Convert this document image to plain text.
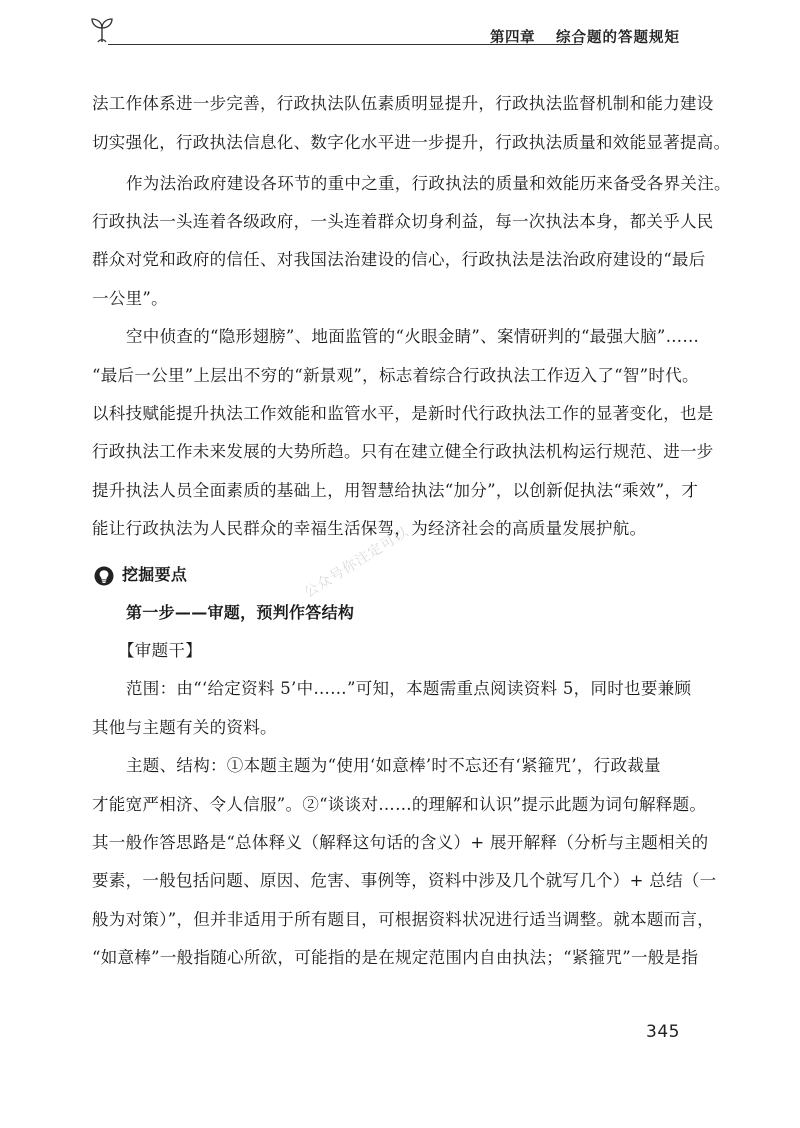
第四章 综合题的答题规矩
法工作体系进一步完善，行政执法队伍素质明显提升，行政执法监督机制和能力建设
切实强化，行政执法信息化、数字化水平进一步提升，行政执法质量和效能显著提高。
作为法治政府建设各环节的重中之重，行政执法的质量和效能历来备受各界关注。
行政执法一头连着各级政府，一头连着群众切身利益，每一次执法本身，都关乎人民
群众对党和政府的信任、对我国法治建设的信心，行政执法是法治政府建设的“最后
一公里”。
空中侦查的“隐形翅膀”、地面监管的“火眼金睛”、案情研判的“最强大脑”……
“最后一公里”上层出不穷的“新景观”，标志着综合行政执法工作迈入了“智”时代。
以科技赋能提升执法工作效能和监管水平，是新时代行政执法工作的显著变化，也是
行政执法工作未来发展的大势所趋。只有在建立健全行政执法机构运行规范、进一步
提升执法人员全面素质的基础上，用智慧给执法“加分”，以创新促执法“乘效”，才
能让行政执法为人民群众的幸福生活保驾，为经济社会的高质量发展护航。
挖掘要点
第一步——审题，预判作答结构
【审题干】
范围：由“‘给定资料 5’中……”可知，本题需重点阅读资料 5，同时也要兼顾
其他与主题有关的资料。
主题、结构：①本题主题为“使用‘如意棒’时不忘还有‘紧箍咒’，行政裁量
才能宽严相济、令人信服”。②“谈谈对……的理解和认识”提示此题为词句解释题。
其一般作答思路是“总体释义（解释这句话的含义）+ 展开解释（分析与主题相关的
要素，一般包括问题、原因、危害、事例等，资料中涉及几个就写几个）+ 总结（一
般为对策）”，但并非适用于所有题目，可根据资料状况进行适当调整。就本题而言，
“如意棒”一般指随心所欲，可能指的是在规定范围内自由执法；“紧箍咒”一般是指
公众号你注定可以
345
